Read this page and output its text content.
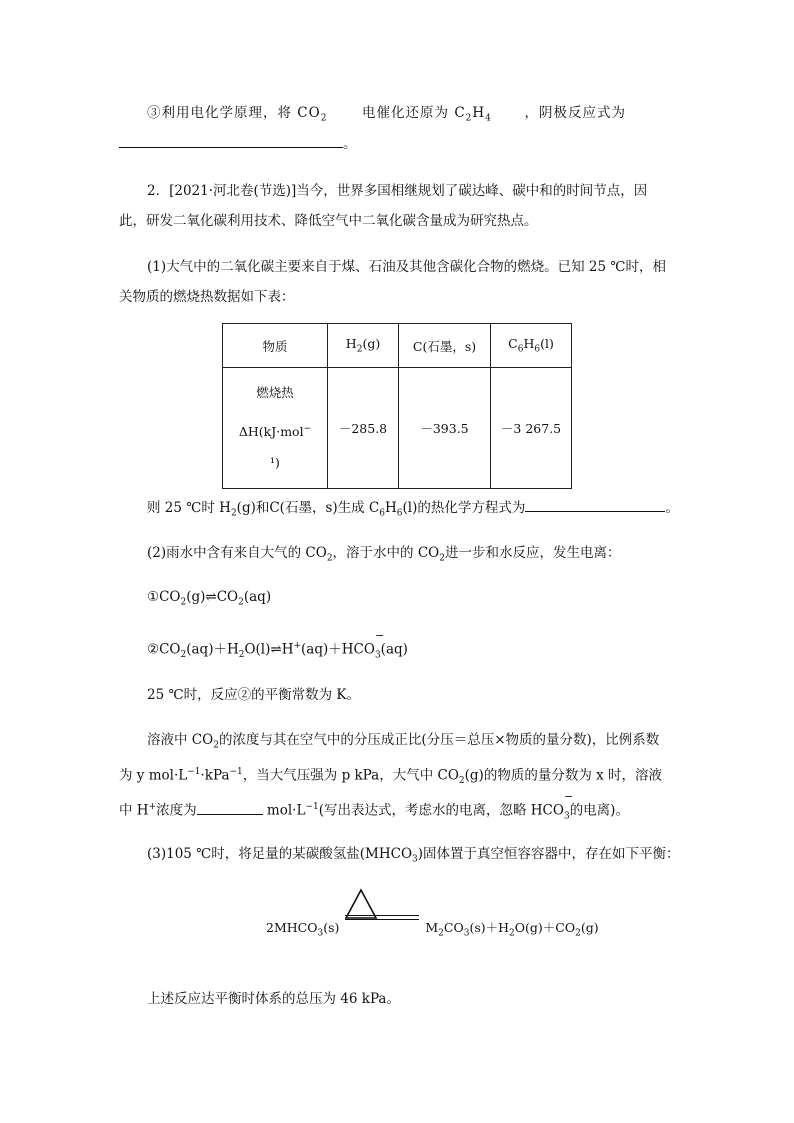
③利用电化学原理，将 $CO_2$	电催化还原为 $C_2H_4$ ，阴极反应式为
。
2．[2021·河北卷(节选)]当今，世界多国相继规划了碳达峰、碳中和的时间节点，因
此，研发二氧化碳利用技术、降低空气中二氧化碳含量成为研究热点。
(1)大气中的二氧化碳主要来自于煤、石油及其他含碳化合物的燃烧。已知 25 ℃时，相
关物质的燃烧热数据如下表：
物质	$H_2(g)$	C(石墨，s)	$C_6H_6(l)$

燃烧热
ΔH(kJ·mol−
¹)	－285.8	－393.5	－3 267.5
则 25 ℃时 $H_2(g)$和C(石墨，s)生成 $C_6H_6(l)$的热化学方程式为	。
(2)雨水中含有来自大气的 $CO_2$，溶于水中的 $CO_2$进一步和水反应，发生电离：
$①CO_2(g)\rightleftharpoons CO_2(aq)$
$②CO_2(aq)+H_2O(l)\rightleftharpoons H^+(aq)+HCO- _3(aq)$
25 ℃时，反应②的平衡常数为 K。
溶液中 $CO_2$的浓度与其在空气中的分压成正比(分压＝总压×物质的量分数)，比例系数
为 y $mol\cdot L^{-1}\cdot kPa^{-1}$，当大气压强为 p kPa，大气中 $CO_2(g)$的物质的量分数为 x 时，溶液
中 H+浓度为	$mol\cdot L^{-1}$(写出表达式，考虑水的电离，忽略 HCO− $_3$的电离)。
(3)105 ℃时，将足量的某碳酸氢盐$(MHCO_3)$固体置于真空恒容容器中，存在如下平衡：
$2MHCO_3(s)$	$M_2CO_3(s)+H_2O(g)+CO_2(g)$
上述反应达平衡时体系的总压为 46 kPa。
